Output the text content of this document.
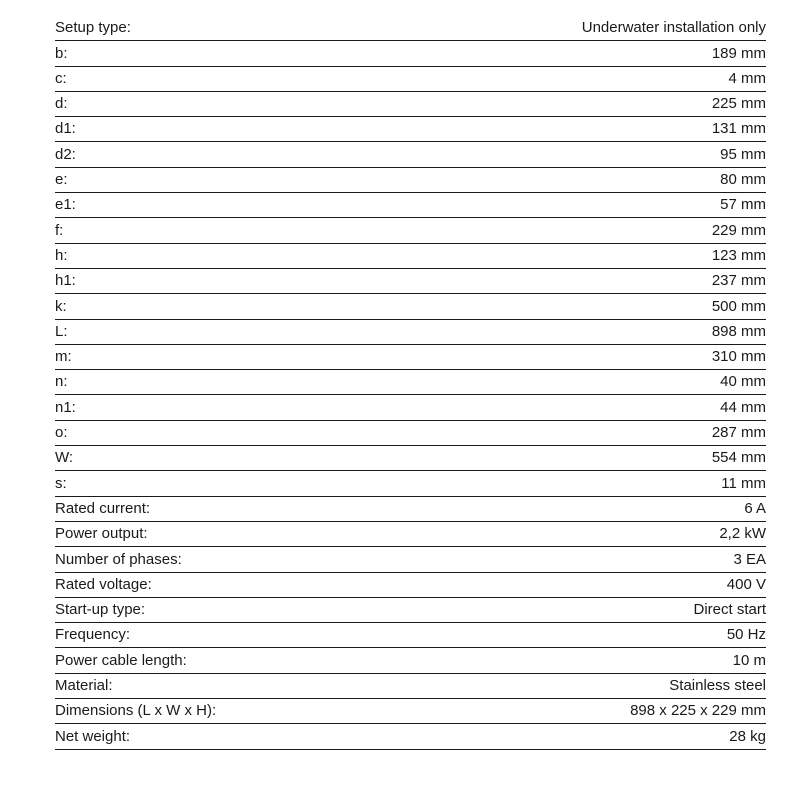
Setup type:	Underwater installation only
b:	189 mm
c:	4 mm
d:	225 mm
d1:	131 mm
d2:	95 mm
e:	80 mm
e1:	57 mm
f:	229 mm
h:	123 mm
h1:	237 mm
k:	500 mm
L:	898 mm
m:	310 mm
n:	40 mm
n1:	44 mm
o:	287 mm
W:	554 mm
s:	11 mm
Rated current:	6 A
Power output:	2,2 kW
Number of phases:	3 EA
Rated voltage:	400 V
Start-up type:	Direct start
Frequency:	50 Hz
Power cable length:	10 m
Material:	Stainless steel
Dimensions (L x W x H):	898 x 225 x 229 mm
Net weight:	28 kg
